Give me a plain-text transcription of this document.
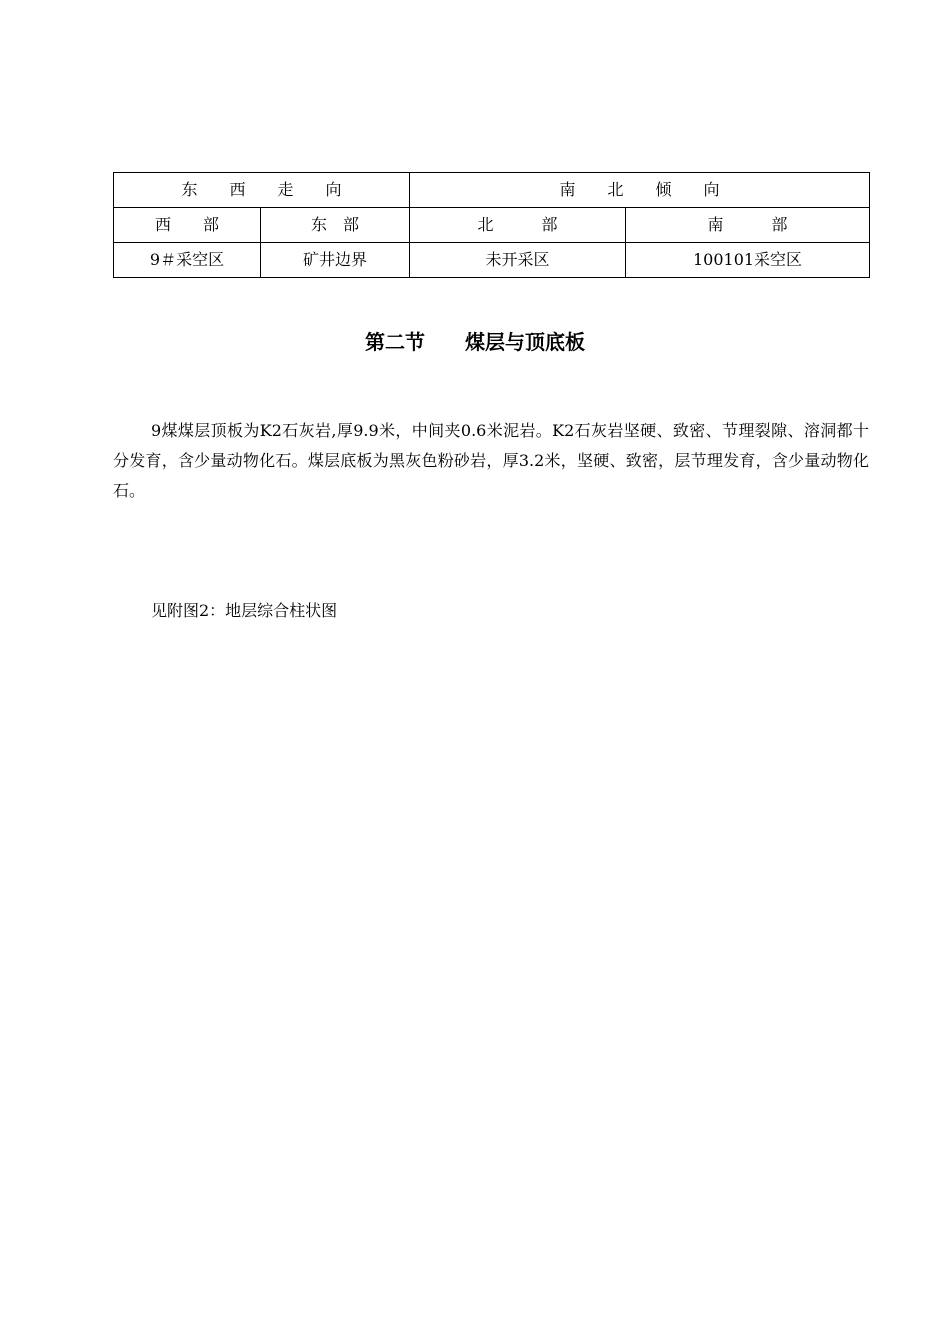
东　　西　　走　　向		南　　北　　倾　　向	
西　　部	东　部	北　　　部	南　　　部
9＃采空区	矿井边界	未开采区	100101采空区
第二节　　煤层与顶底板
9煤煤层顶板为K2石灰岩,厚9.9米，中间夹0.6米泥岩。K2石灰岩坚硬、致密、节理裂隙、溶洞都十分发育，含少量动物化石。煤层底板为黑灰色粉砂岩，厚3.2米，坚硬、致密，层节理发育，含少量动物化石。
见附图2：地层综合柱状图
